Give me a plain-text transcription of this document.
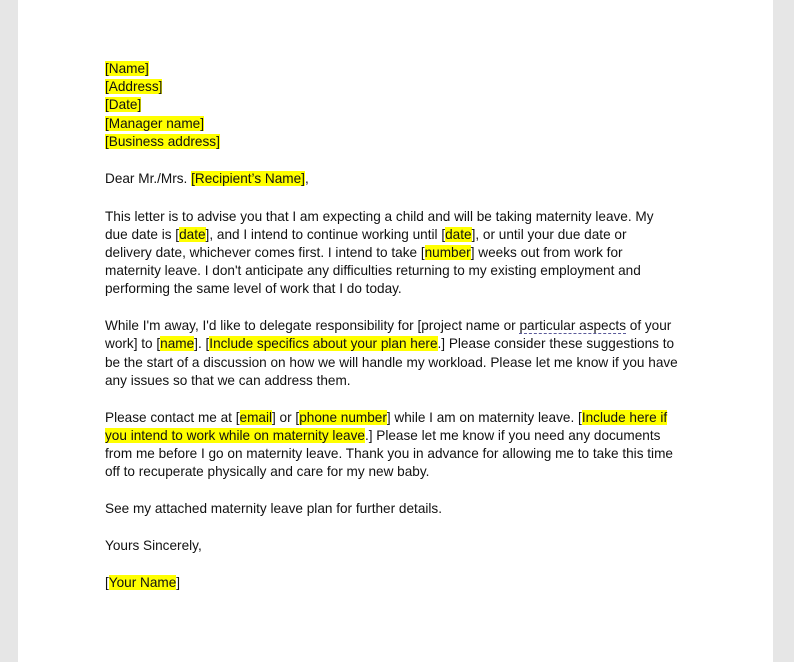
[Name]
[Address]
[Date]
[Manager name]
[Business address]
Dear Mr./Mrs. [Recipient’s Name],
This letter is to advise you that I am expecting a child and will be taking maternity leave. My
due date is [date], and I intend to continue working until [date], or until your due date or
delivery date, whichever comes first. I intend to take [number] weeks out from work for
maternity leave. I don't anticipate any difficulties returning to my existing employment and
performing the same level of work that I do today.
While I'm away, I'd like to delegate responsibility for [project name or particular aspects of your
work] to [name]. [Include specifics about your plan here.] Please consider these suggestions to
be the start of a discussion on how we will handle my workload. Please let me know if you have
any issues so that we can address them.
Please contact me at [email] or [phone number] while I am on maternity leave. [Include here if
you intend to work while on maternity leave.] Please let me know if you need any documents
from me before I go on maternity leave. Thank you in advance for allowing me to take this time
off to recuperate physically and care for my new baby.
See my attached maternity leave plan for further details.
Yours Sincerely,
[Your Name]
